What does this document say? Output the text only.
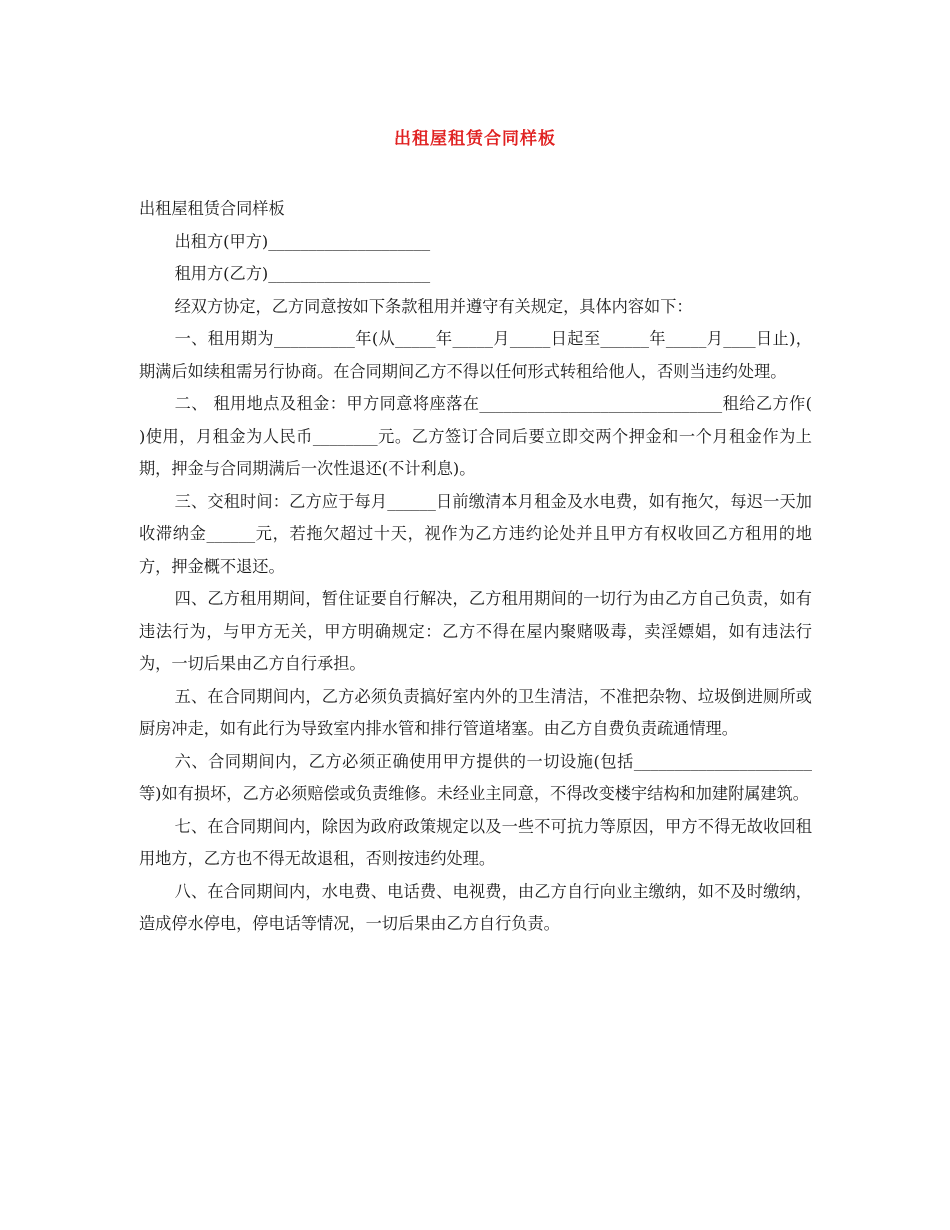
出租屋租赁合同样板

出租屋租赁合同样板

出租方(甲方)____________________

租用方(乙方)____________________

经双方协定，乙方同意按如下条款租用并遵守有关规定，具体内容如下：

一、租用期为__________年(从_____年_____月_____日起至______年_____月____日止)，期满后如续租需另行协商。在合同期间乙方不得以任何形式转租给他人，否则当违约处理。

二、 租用地点及租金：甲方同意将座落在______________________________租给乙方作( )使用，月租金为人民币________元。乙方签订合同后要立即交两个押金和一个月租金作为上期，押金与合同期满后一次性退还(不计利息)。

三、交租时间：乙方应于每月______日前缴清本月租金及水电费，如有拖欠，每迟一天加收滞纳金______元，若拖欠超过十天，视作为乙方违约论处并且甲方有权收回乙方租用的地方，押金概不退还。

四、乙方租用期间，暂住证要自行解决，乙方租用期间的一切行为由乙方自己负责，如有违法行为，与甲方无关，甲方明确规定：乙方不得在屋内聚赌吸毒，卖淫嫖娼，如有违法行为，一切后果由乙方自行承担。

五、在合同期间内，乙方必须负责搞好室内外的卫生清洁，不准把杂物、垃圾倒进厕所或厨房冲走，如有此行为导致室内排水管和排行管道堵塞。由乙方自费负责疏通情理。

六、合同期间内，乙方必须正确使用甲方提供的一切设施(包括______________________等)如有损坏，乙方必须赔偿或负责维修。未经业主同意，不得改变楼宇结构和加建附属建筑。

七、在合同期间内，除因为政府政策规定以及一些不可抗力等原因，甲方不得无故收回租用地方，乙方也不得无故退租，否则按违约处理。

八、在合同期间内，水电费、电话费、电视费，由乙方自行向业主缴纳，如不及时缴纳，造成停水停电，停电话等情况，一切后果由乙方自行负责。
